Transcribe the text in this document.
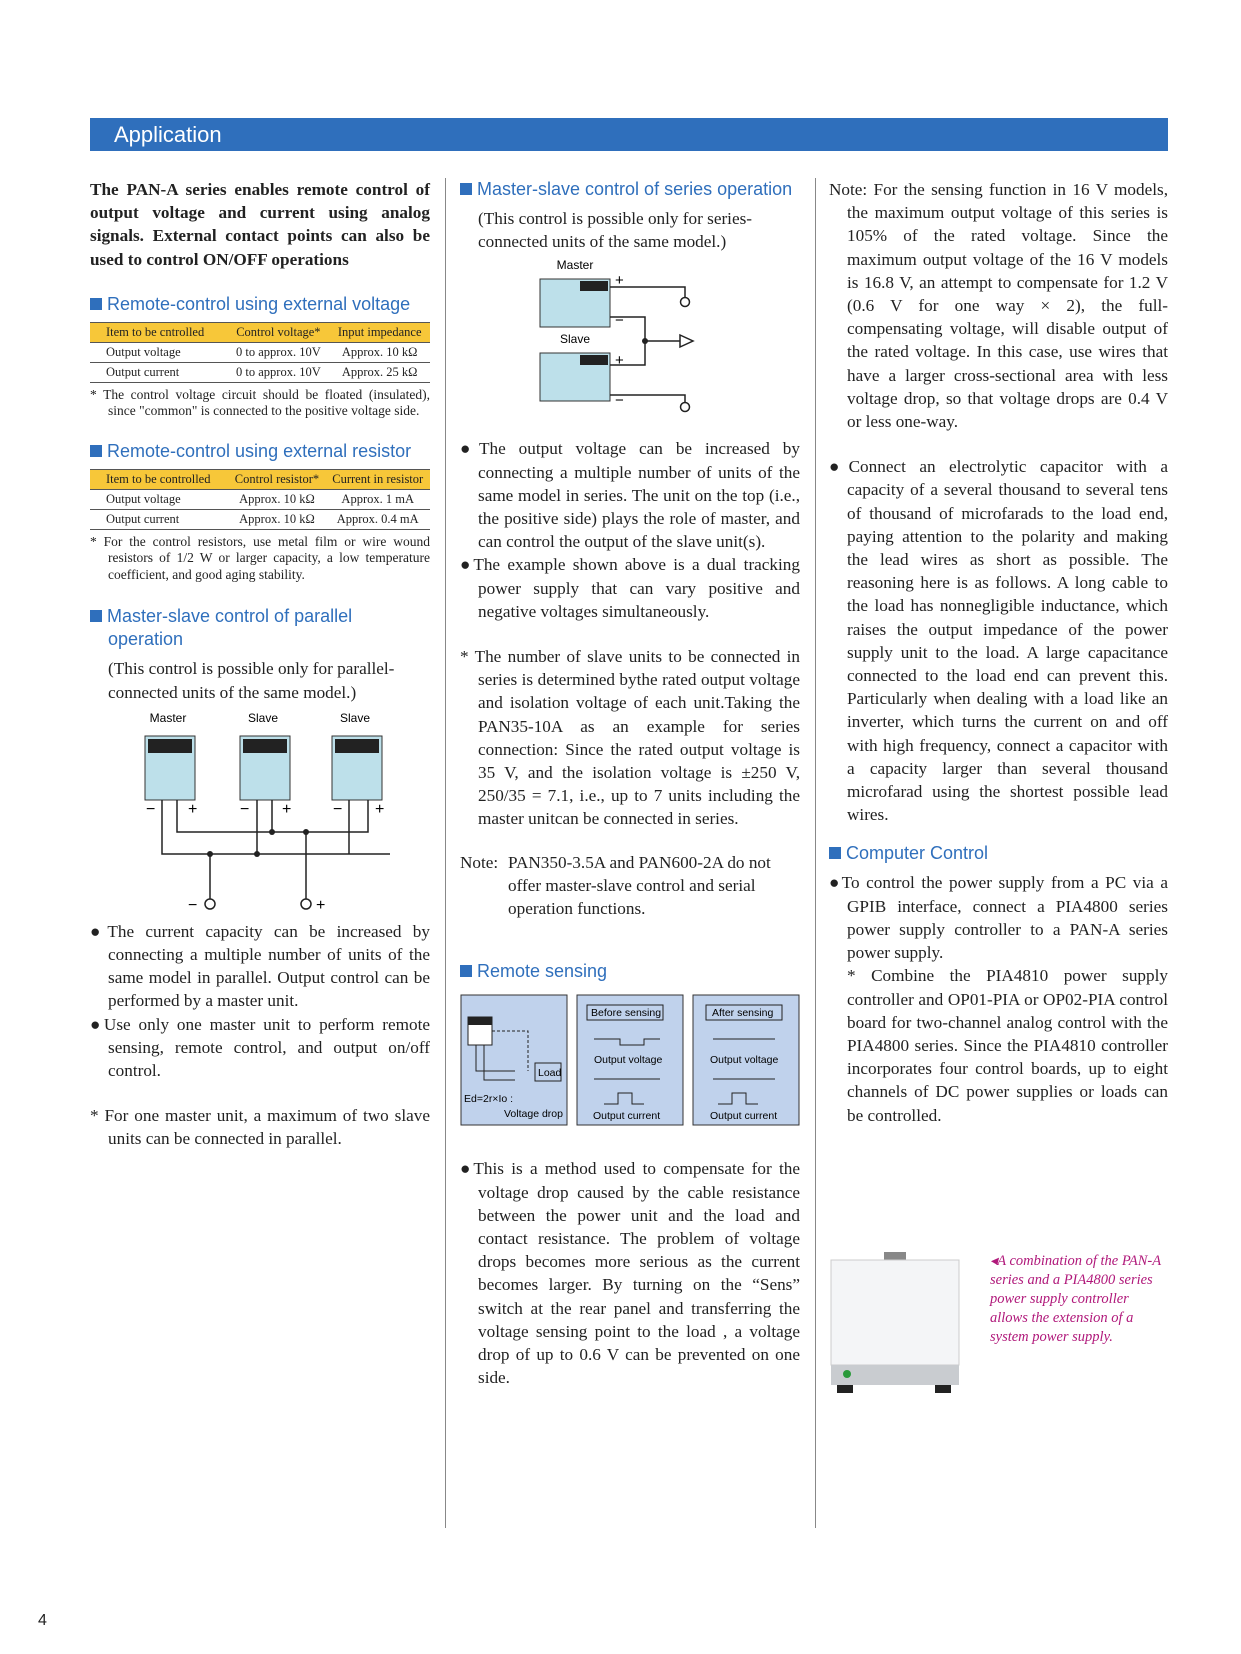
Application

The PAN-A series enables remote control of output voltage and current using analog signals. External contact points can also be used to control ON/OFF operations

Remote-control using external voltage
Item to be cntrolled	Control voltage*	Input impedance
Output voltage	0 to approx. 10V	Approx. 10 kΩ
Output current	0 to approx. 10V	Approx. 25 kΩ

* The control voltage circuit should be floated (insulated), since "common" is connected to the positive voltage side.

Remote-control using external resistor
Item to be controlled	Control resistor*	Current in resistor
Output voltage	Approx. 10 kΩ	Approx. 1 mA
Output current	Approx. 10 kΩ	Approx. 0.4 mA

* For the control resistors, use metal film or wire wound resistors of 1/2 W or larger capacity, a low temperature coefficient, and good aging stability.

Master-slave control of parallel operation

(This control is possible only for parallel-connected units of the same model.)

Master	Slave	Slave
− +	− +	− +
−	+

●The current capacity can be increased by connecting a multiple number of units of the same model in parallel. Output control can be performed by a master unit.

●Use only one master unit to perform remote sensing, remote control, and output on/off control.

* For one master unit, a maximum of two slave units can be connected in parallel.

Master-slave control of series operation

(This control is possible only for series-connected units of the same model.)

Master
Slave
+
−
+
−

●The output voltage can be increased by connecting a multiple number of units of the same model in series. The unit on the top (i.e., the positive side) plays the role of master, and can control the output of the slave unit(s).

●The example shown above is a dual tracking power supply that can vary positive and negative voltages simultaneously.

* The number of slave units to be connected in series is determined bythe rated output voltage and isolation voltage of each unit.Taking the PAN35-10A as an example for series connection: Since the rated output voltage is 35 V, and the isolation voltage is ±250 V, 250/35 = 7.1, i.e., up to 7 units including the master unitcan be connected in series.

Note: PAN350-3.5A and PAN600-2A do not offer master-slave control and serial operation functions.
Remote sensing
Load
Ed=2r×Io :
Voltage drop
Before sensing	After sensing
Output voltage	Output voltage
Output current	Output current

●This is a method used to compensate for the voltage drop caused by the cable resistance between the power unit and the load and contact resistance. The problem of voltage drops becomes more serious as the current becomes larger. By turning on the “Sens” switch at the rear panel and transferring the voltage sensing point to the load , a voltage drop of up to 0.6 V can be prevented on one side.

Note: For the sensing function in 16 V models, the maximum output voltage of this series is 105% of the rated voltage. Since the maximum output voltage of the 16 V models is 16.8 V, an attempt to compensate for 1.2 V (0.6 V for one way × 2), the full-compensating voltage, will disable output of the rated voltage. In this case, use wires that have a larger cross-sectional area with less voltage drop, so that voltage drops are 0.4 V or less one-way.

●Connect an electrolytic capacitor with a capacity of a several thousand to several tens of thousand of microfarads to the load end, paying attention to the polarity and making the lead wires as short as possible. The reasoning here is as follows. A long cable to the load has nonnegligible inductance, which raises the output impedance of the power supply unit to the load. A large capacitance connected to the load end can prevent this. Particularly when dealing with a load like an inverter, which turns the current on and off with high frequency, connect a capacitor with a capacity larger than several thousand microfarad using the shortest possible lead wires.

Computer Control

●To control the power supply from a PC via a GPIB interface, connect a PIA4800 series power supply controller to a PAN-A series power supply.

* Combine the PIA4810 power supply controller and OP01-PIA or OP02-PIA control board for two-channel analog control with the PIA4800 series. Since the PIA4810 controller incorporates four control boards, up to eight channels of DC power supplies or loads can be controlled.

◂A combination of the PAN-A series and a PIA4800 series power supply controller allows the extension of a system power supply.

4
